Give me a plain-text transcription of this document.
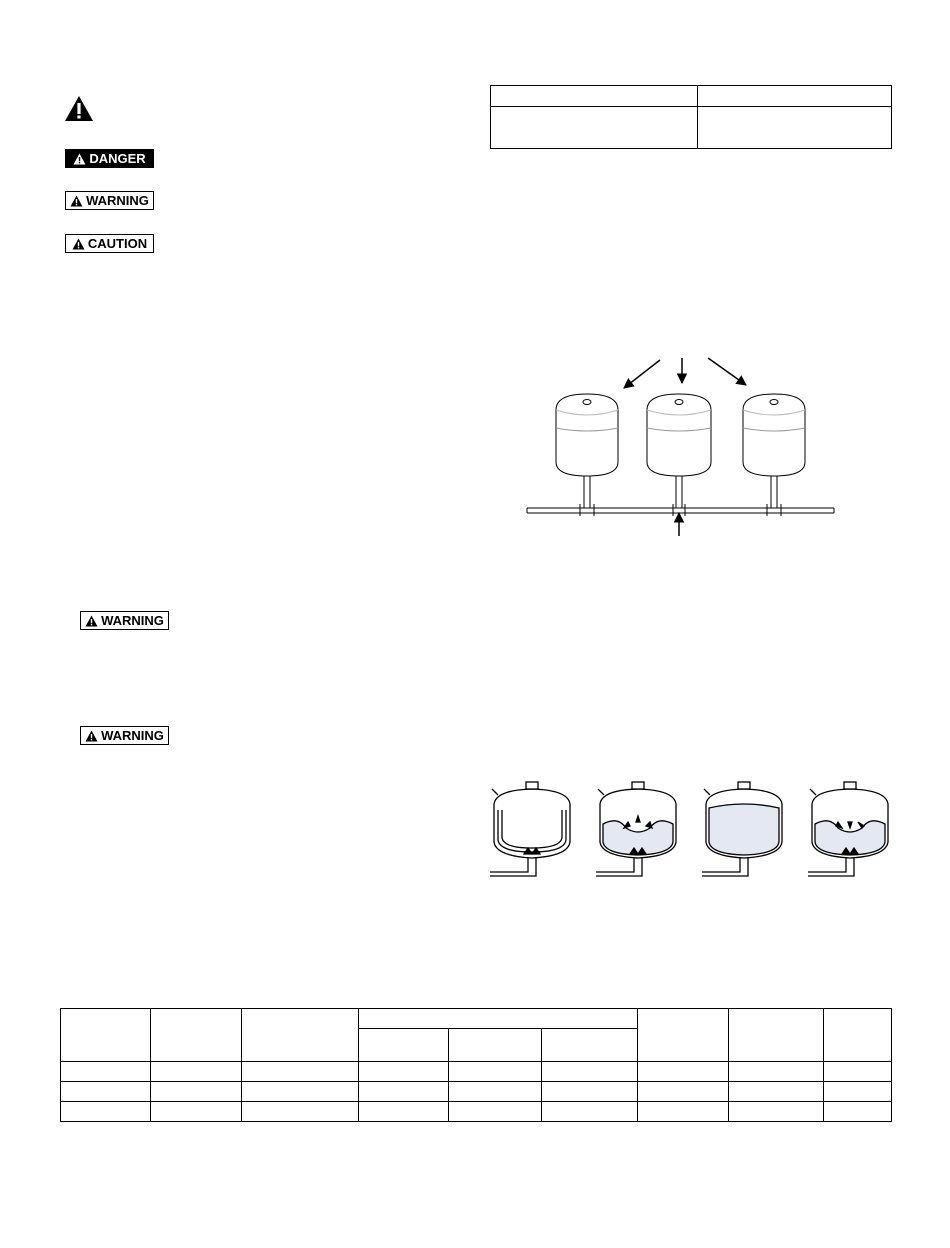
DANGER
WARNING
CAUTION
WARNING
WARNING
